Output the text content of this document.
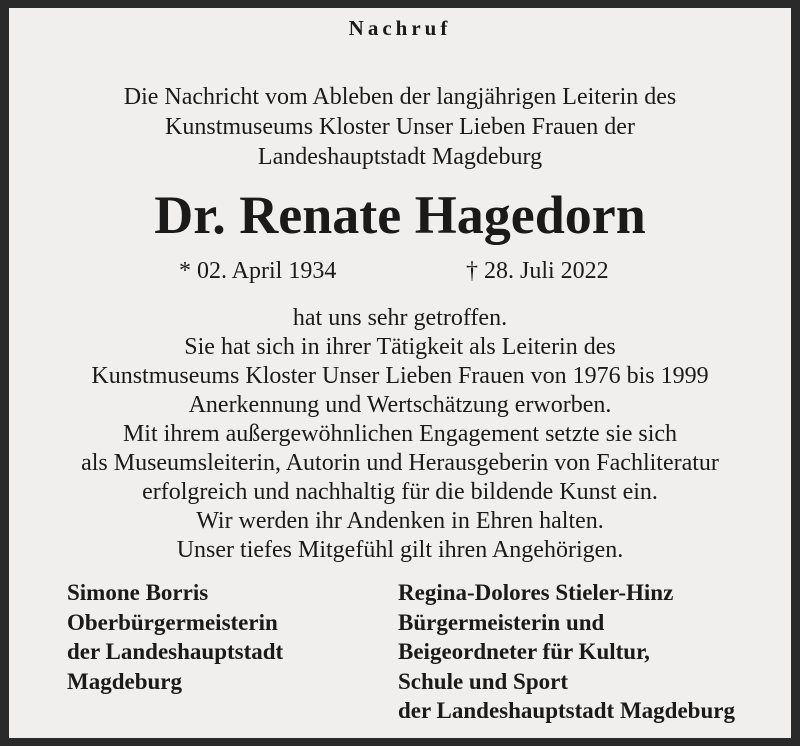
Nachruf
Die Nachricht vom Ableben der langjährigen Leiterin des
Kunstmuseums Kloster Unser Lieben Frauen der
Landeshauptstadt Magdeburg
Dr. Renate Hagedorn
* 02. April 1934	† 28. Juli 2022
hat uns sehr getroffen.
Sie hat sich in ihrer Tätigkeit als Leiterin des
Kunstmuseums Kloster Unser Lieben Frauen von 1976 bis 1999
Anerkennung und Wertschätzung erworben.
Mit ihrem außergewöhnlichen Engagement setzte sie sich
als Museumsleiterin, Autorin und Herausgeberin von Fachliteratur
erfolgreich und nachhaltig für die bildende Kunst ein.
Wir werden ihr Andenken in Ehren halten.
Unser tiefes Mitgefühl gilt ihren Angehörigen.
Simone Borris
Oberbürgermeisterin
der Landeshauptstadt
Magdeburg
Regina-Dolores Stieler-Hinz
Bürgermeisterin und
Beigeordneter für Kultur,
Schule und Sport
der Landeshauptstadt Magdeburg
